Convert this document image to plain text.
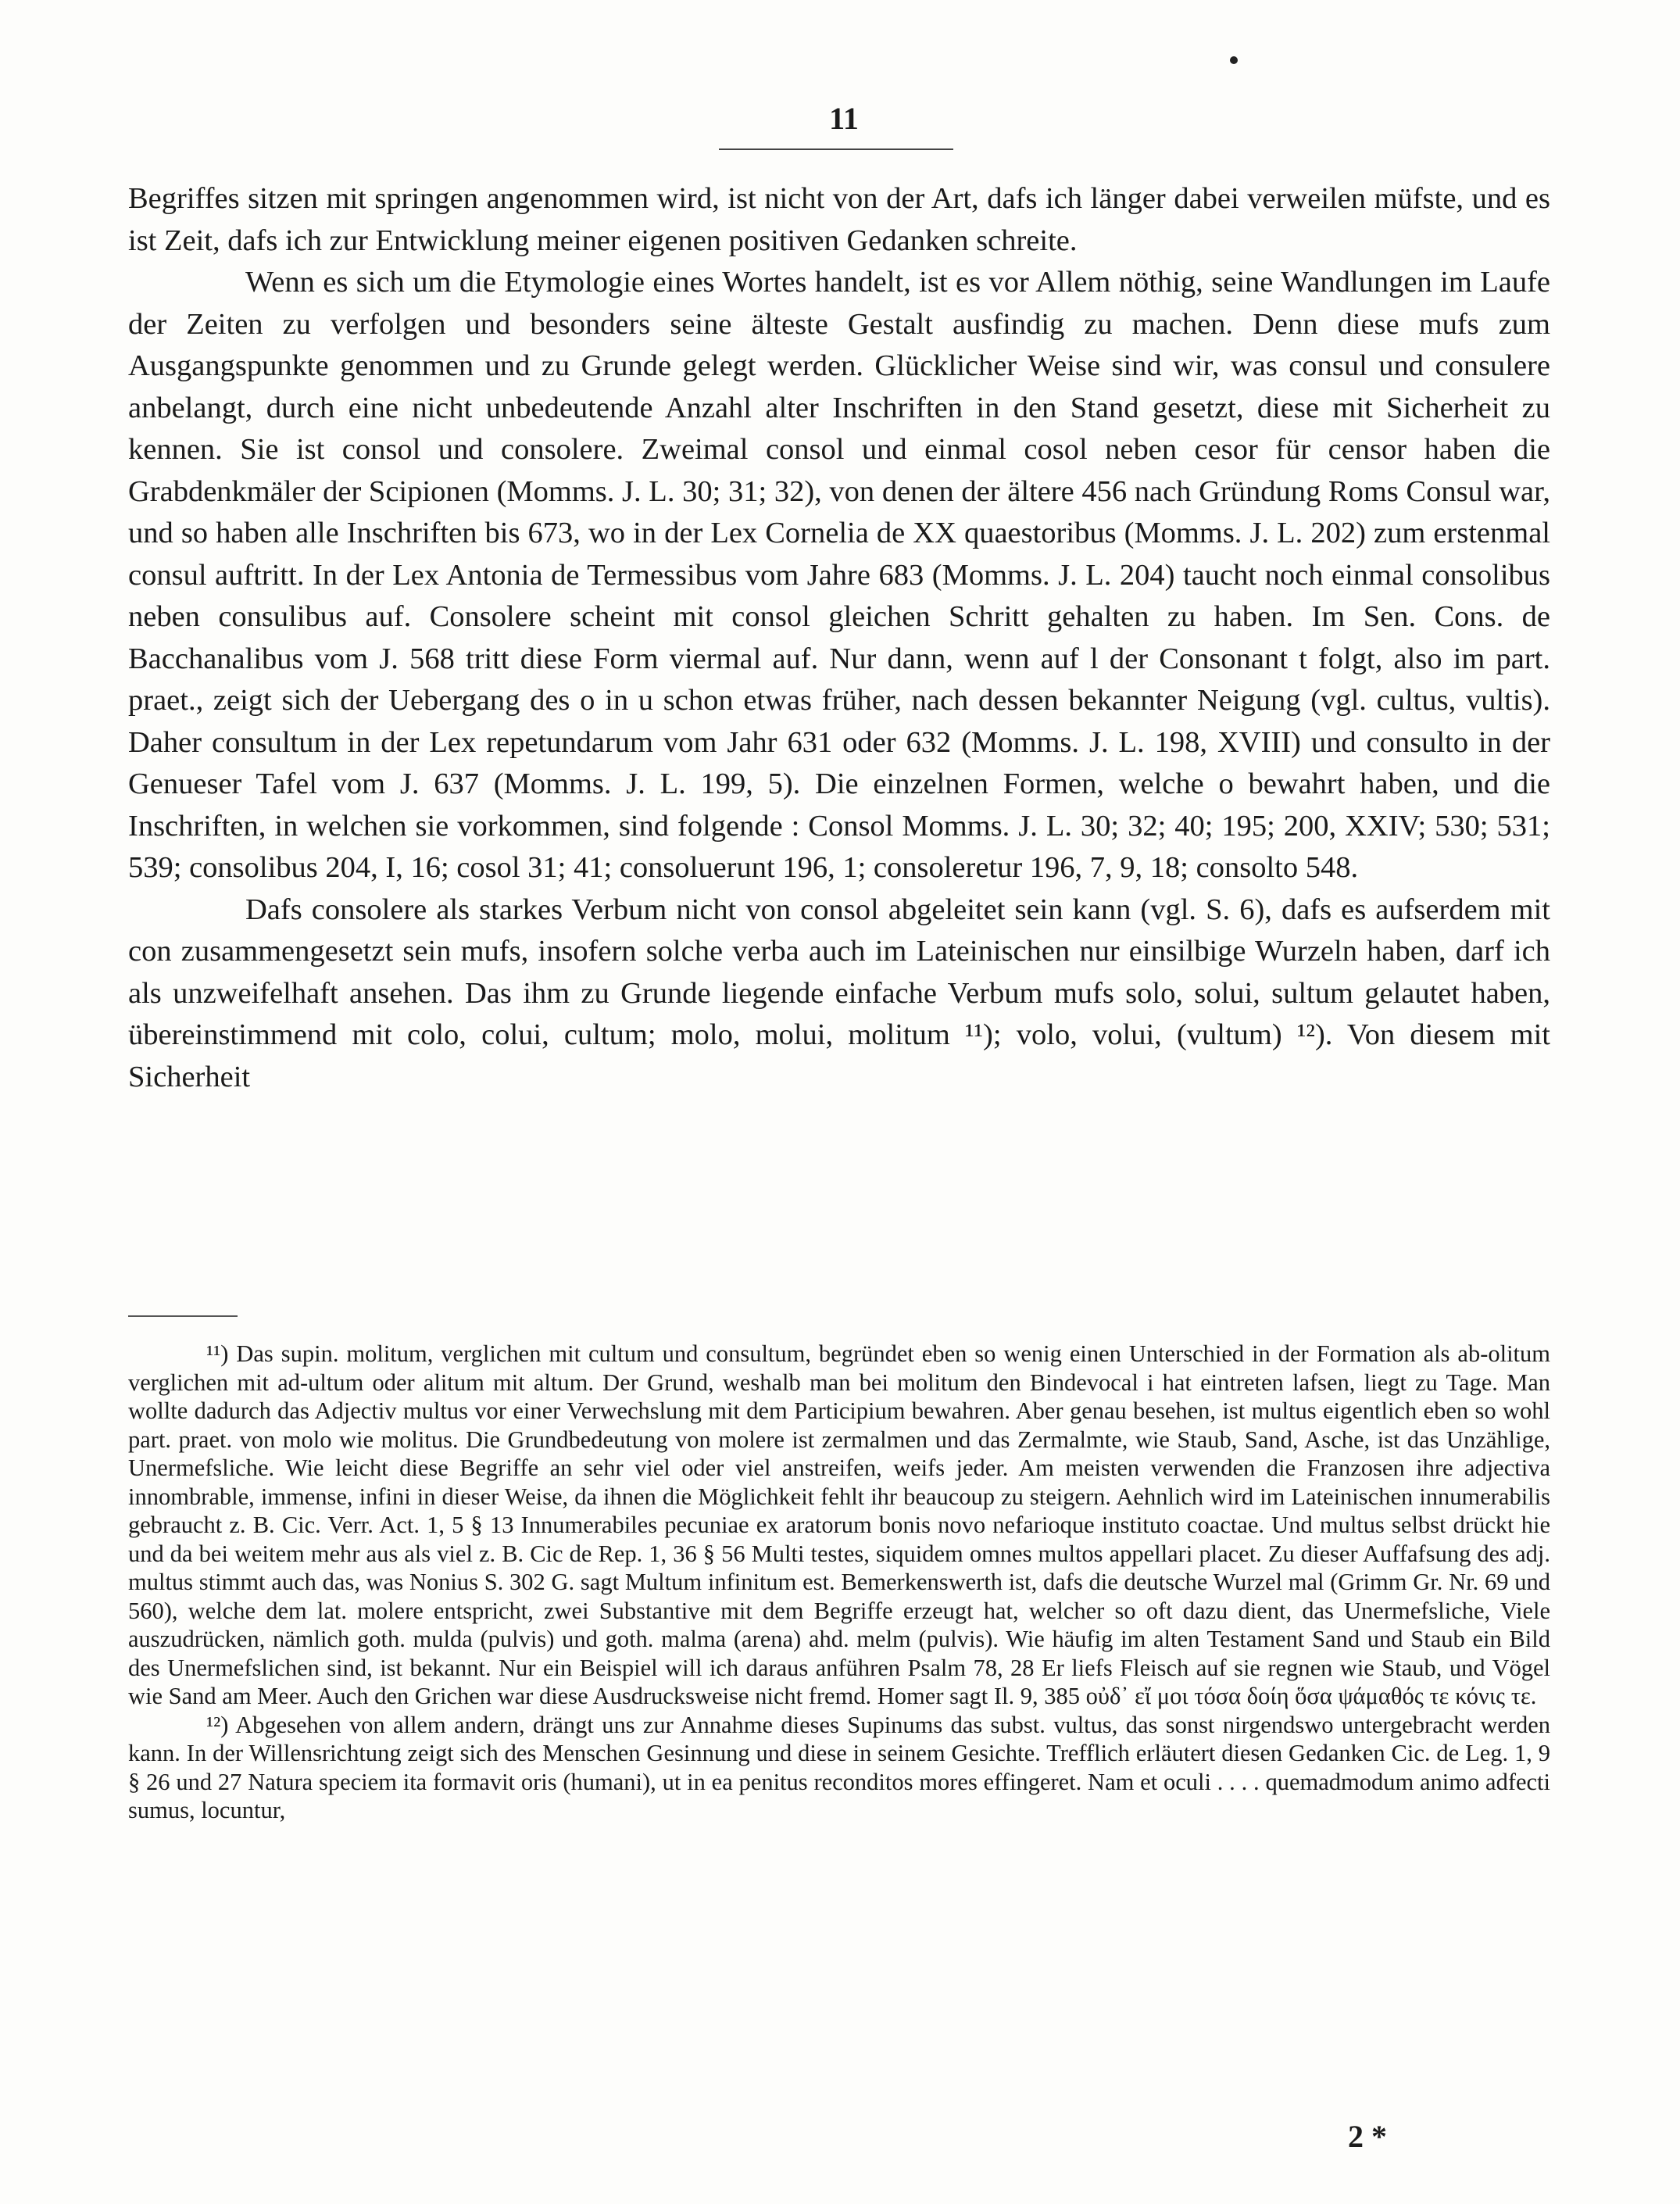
11

Begriffes sitzen mit springen angenommen wird, ist nicht von der Art, dafs ich länger dabei verweilen müfste, und es ist Zeit, dafs ich zur Entwicklung meiner eigenen positiven Gedanken schreite.

Wenn es sich um die Etymologie eines Wortes handelt, ist es vor Allem nöthig, seine Wandlungen im Laufe der Zeiten zu verfolgen und besonders seine älteste Gestalt ausfindig zu machen. Denn diese mufs zum Ausgangspunkte genommen und zu Grunde gelegt werden. Glücklicher Weise sind wir, was consul und consulere anbelangt, durch eine nicht unbedeutende Anzahl alter Inschriften in den Stand gesetzt, diese mit Sicherheit zu kennen. Sie ist consol und consolere. Zweimal consol und einmal cosol neben cesor für censor haben die Grabdenkmäler der Scipionen (Momms. J. L. 30; 31; 32), von denen der ältere 456 nach Gründung Roms Consul war, und so haben alle Inschriften bis 673, wo in der Lex Cornelia de XX quaestoribus (Momms. J. L. 202) zum erstenmal consul auftritt. In der Lex Antonia de Termessibus vom Jahre 683 (Momms. J. L. 204) taucht noch einmal consolibus neben consulibus auf. Consolere scheint mit consol gleichen Schritt gehalten zu haben. Im Sen. Cons. de Bacchanalibus vom J. 568 tritt diese Form viermal auf. Nur dann, wenn auf l der Consonant t folgt, also im part. praet., zeigt sich der Uebergang des o in u schon etwas früher, nach dessen bekannter Neigung (vgl. cultus, vultis). Daher consultum in der Lex repetundarum vom Jahr 631 oder 632 (Momms. J. L. 198, XVIII) und consulto in der Genueser Tafel vom J. 637 (Momms. J. L. 199, 5). Die einzelnen Formen, welche o bewahrt haben, und die Inschriften, in welchen sie vorkommen, sind folgende : Consol Momms. J. L. 30; 32; 40; 195; 200, XXIV; 530; 531; 539; consolibus 204, I, 16; cosol 31; 41; consoluerunt 196, 1; consoleretur 196, 7, 9, 18; consolto 548.

Dafs consolere als starkes Verbum nicht von consol abgeleitet sein kann (vgl. S. 6), dafs es aufserdem mit con zusammengesetzt sein mufs, insofern solche verba auch im Lateinischen nur einsilbige Wurzeln haben, darf ich als unzweifelhaft ansehen. Das ihm zu Grunde liegende einfache Verbum mufs solo, solui, sultum gelautet haben, übereinstimmend mit colo, colui, cultum; molo, molui, molitum ¹¹); volo, volui, (vultum) ¹²). Von diesem mit Sicherheit

¹¹) Das supin. molitum, verglichen mit cultum und consultum, begründet eben so wenig einen Unterschied in der Formation als ab-olitum verglichen mit ad-ultum oder alitum mit altum. Der Grund, weshalb man bei molitum den Bindevocal i hat eintreten lafsen, liegt zu Tage. Man wollte dadurch das Adjectiv multus vor einer Verwechslung mit dem Participium bewahren. Aber genau besehen, ist multus eigentlich eben so wohl part. praet. von molo wie molitus. Die Grundbedeutung von molere ist zermalmen und das Zermalmte, wie Staub, Sand, Asche, ist das Unzählige, Unermefsliche. Wie leicht diese Begriffe an sehr viel oder viel anstreifen, weifs jeder. Am meisten verwenden die Franzosen ihre adjectiva innombrable, immense, infini in dieser Weise, da ihnen die Möglichkeit fehlt ihr beaucoup zu steigern. Aehnlich wird im Lateinischen innumerabilis gebraucht z. B. Cic. Verr. Act. 1, 5 § 13 Innumerabiles pecuniae ex aratorum bonis novo nefarioque instituto coactae. Und multus selbst drückt hie und da bei weitem mehr aus als viel z. B. Cic de Rep. 1, 36 § 56 Multi testes, siquidem omnes multos appellari placet. Zu dieser Auffafsung des adj. multus stimmt auch das, was Nonius S. 302 G. sagt Multum infinitum est. Bemerkenswerth ist, dafs die deutsche Wurzel mal (Grimm Gr. Nr. 69 und 560), welche dem lat. molere entspricht, zwei Substantive mit dem Begriffe erzeugt hat, welcher so oft dazu dient, das Unermefsliche, Viele auszudrücken, nämlich goth. mulda (pulvis) und goth. malma (arena) ahd. melm (pulvis). Wie häufig im alten Testament Sand und Staub ein Bild des Unermefslichen sind, ist bekannt. Nur ein Beispiel will ich daraus anführen Psalm 78, 28 Er liefs Fleisch auf sie regnen wie Staub, und Vögel wie Sand am Meer. Auch den Grichen war diese Ausdrucksweise nicht fremd. Homer sagt Il. 9, 385 οὐδ᾽ εἴ μοι τόσα δοίη ὅσα ψάμαθός τε κόνις τε.

¹²) Abgesehen von allem andern, drängt uns zur Annahme dieses Supinums das subst. vultus, das sonst nirgendswo untergebracht werden kann. In der Willensrichtung zeigt sich des Menschen Gesinnung und diese in seinem Gesichte. Trefflich erläutert diesen Gedanken Cic. de Leg. 1, 9 § 26 und 27 Natura speciem ita formavit oris (humani), ut in ea penitus reconditos mores effingeret. Nam et oculi . . . . quemadmodum animo adfecti sumus, locuntur,

2 *
